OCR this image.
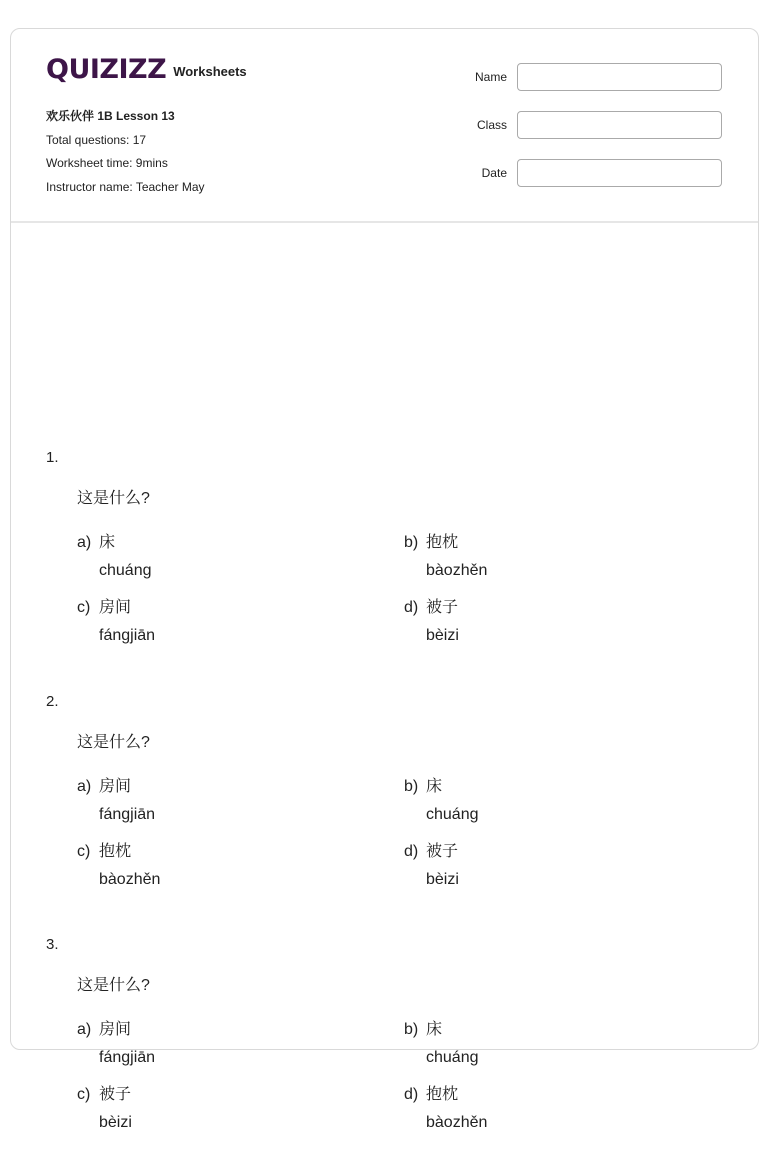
QUIZIZZ Worksheets
欢乐伙伴 1B Lesson 13
Total questions: 17
Worksheet time: 9mins
Instructor name: Teacher May
Name
Class
Date
1.
这是什么?
a) 床
chuáng
b) 抱枕
bàozhěn
c) 房间
fángjiān
d) 被子
bèizi
2.
这是什么?
a) 房间
fángjiān
b) 床
chuáng
c) 抱枕
bàozhěn
d) 被子
bèizi
3.
这是什么?
a) 房间
fángjiān
b) 床
chuáng
c) 被子
bèizi
d) 抱枕
bàozhěn
